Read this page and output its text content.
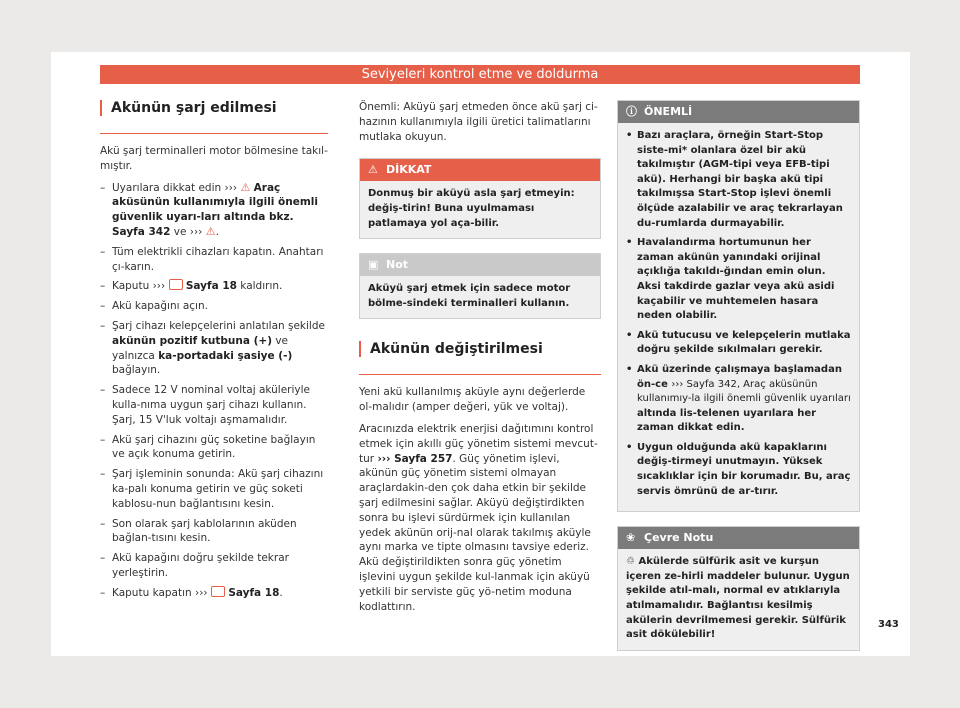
Seviyeleri kontrol etme ve doldurma
Akünün şarj edilmesi

Akü şarj terminalleri motor bölmesine takıl-mıştır.

– Uyarılara dikkat edin ››› ⚠ Araç aküsünün kullanımıyla ilgili önemli güvenlik uyarı-ları altında bkz. Sayfa 342 ve ››› ⚠.
– Tüm elektrikli cihazları kapatın. Anahtarı çı-karın.
– Kaputu ››› Sayfa 18 kaldırın.
– Akü kapağını açın.
– Şarj cihazı kelepçelerini anlatılan şekilde akünün pozitif kutbuna (+) ve yalnızca ka-portadaki şasiye (-) bağlayın.
– Sadece 12 V nominal voltaj aküleriyle kulla-nıma uygun şarj cihazı kullanın. Şarj, 15 V'luk voltajı aşmamalıdır.
– Akü şarj cihazını güç soketine bağlayın ve açık konuma getirin.
– Şarj işleminin sonunda: Akü şarj cihazını ka-palı konuma getirin ve güç soketi kablosu-nun bağlantısını kesin.
– Son olarak şarj kablolarının aküden bağlan-tısını kesin.
– Akü kapağını doğru şekilde tekrar yerleştirin.
– Kaputu kapatın ››› Sayfa 18.

Önemli: Aküyü şarj etmeden önce akü şarj ci-hazının kullanımıyla ilgili üretici talimatlarını mutlaka okuyun.

⚠ DİKKAT
Donmuş bir aküyü asla şarj etmeyin: değiş-tirin! Buna uyulmaması patlamaya yol aça-bilir.
▣ Not
Aküyü şarj etmek için sadece motor bölme-sindeki terminalleri kullanın.
Akünün değiştirilmesi

Yeni akü kullanılmış aküyle aynı değerlerde ol-malıdır (amper değeri, yük ve voltaj).

Aracınızda elektrik enerjisi dağıtımını kontrol etmek için akıllı güç yönetim sistemi mevcut-tur ››› Sayfa 257. Güç yönetim işlevi, akünün güç yönetim sistemi olmayan araçlardakin-den çok daha etkin bir şekilde şarj edilmesini sağlar. Aküyü değiştirdikten sonra bu işlevi sürdürmek için kullanılan yedek akünün orij-nal olarak takılmış aküyle aynı marka ve tipte olmasını tavsiye ederiz. Akü değiştirildikten sonra güç yönetim işlevini uygun şekilde kul-lanmak için aküyü yetkili bir serviste güç yö-netim moduna kodlattırın.

ⓘ ÖNEMLİ
• Bazı araçlara, örneğin Start-Stop siste-mi* olanlara özel bir akü takılmıştır (AGM-tipi veya EFB-tipi akü). Herhangi bir başka akü tipi takılmışsa Start-Stop işlevi önemli ölçüde azalabilir ve araç tekrarlayan du-rumlarda durmayabilir.
• Havalandırma hortumunun her zaman akünün yanındaki orijinal açıklığa takıldı-ğından emin olun. Aksi takdirde gazlar veya akü asidi kaçabilir ve muhtemelen hasara neden olabilir.
• Akü tutucusu ve kelepçelerin mutlaka doğru şekilde sıkılmaları gerekir.
• Akü üzerinde çalışmaya başlamadan ön-ce ››› Sayfa 342, Araç aküsünün kullanımıy-la ilgili önemli güvenlik uyarıları altında lis-telenen uyarılara her zaman dikkat edin.
• Uygun olduğunda akü kapaklarını değiş-tirmeyi unutmayın. Yüksek sıcaklıklar için bir korumadır. Bu, araç servis ömrünü de ar-tırır.
❀ Çevre Notu
♲ Akülerde sülfürik asit ve kurşun içeren ze-hirli maddeler bulunur. Uygun şekilde atıl-malı, normal ev atıklarıyla atılmamalıdır. Bağlantısı kesilmiş akülerin devrilmemesi gerekir. Sülfürik asit dökülebilir!
343
